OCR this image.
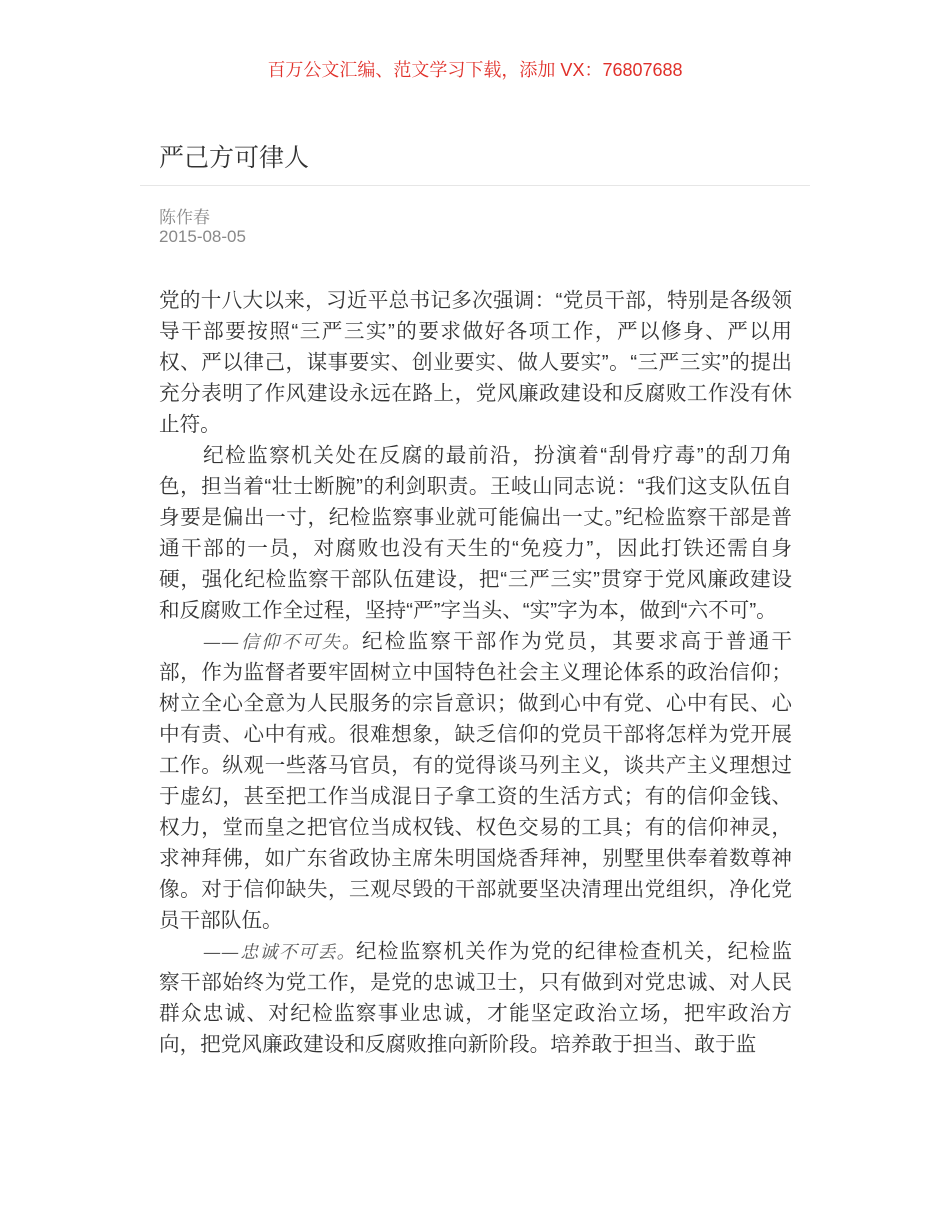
百万公文汇编、范文学习下载，添加 VX：76807688
严己方可律人
陈作春
2015-08-05
党的十八大以来，习近平总书记多次强调：“党员干部，特别是各级领
导干部要按照“三严三实”的要求做好各项工作，严以修身、严以用
权、严以律己，谋事要实、创业要实、做人要实”。“三严三实”的提出
充分表明了作风建设永远在路上，党风廉政建设和反腐败工作没有休
止符。
纪检监察机关处在反腐的最前沿，扮演着“刮骨疗毒”的刮刀角
色，担当着“壮士断腕”的利剑职责。王岐山同志说：“我们这支队伍自
身要是偏出一寸，纪检监察事业就可能偏出一丈。”纪检监察干部是普
通干部的一员，对腐败也没有天生的“免疫力”，因此打铁还需自身
硬，强化纪检监察干部队伍建设，把“三严三实”贯穿于党风廉政建设
和反腐败工作全过程，坚持“严”字当头、“实”字为本，做到“六不可”。
——信仰不可失。纪检监察干部作为党员，其要求高于普通干
部，作为监督者要牢固树立中国特色社会主义理论体系的政治信仰；
树立全心全意为人民服务的宗旨意识；做到心中有党、心中有民、心
中有责、心中有戒。很难想象，缺乏信仰的党员干部将怎样为党开展
工作。纵观一些落马官员，有的觉得谈马列主义，谈共产主义理想过
于虚幻，甚至把工作当成混日子拿工资的生活方式；有的信仰金钱、
权力，堂而皇之把官位当成权钱、权色交易的工具；有的信仰神灵，
求神拜佛，如广东省政协主席朱明国烧香拜神，别墅里供奉着数尊神
像。对于信仰缺失，三观尽毁的干部就要坚决清理出党组织，净化党
员干部队伍。
——忠诚不可丢。纪检监察机关作为党的纪律检查机关，纪检监
察干部始终为党工作，是党的忠诚卫士，只有做到对党忠诚、对人民
群众忠诚、对纪检监察事业忠诚，才能坚定政治立场，把牢政治方
向，把党风廉政建设和反腐败推向新阶段。培养敢于担当、敢于监
